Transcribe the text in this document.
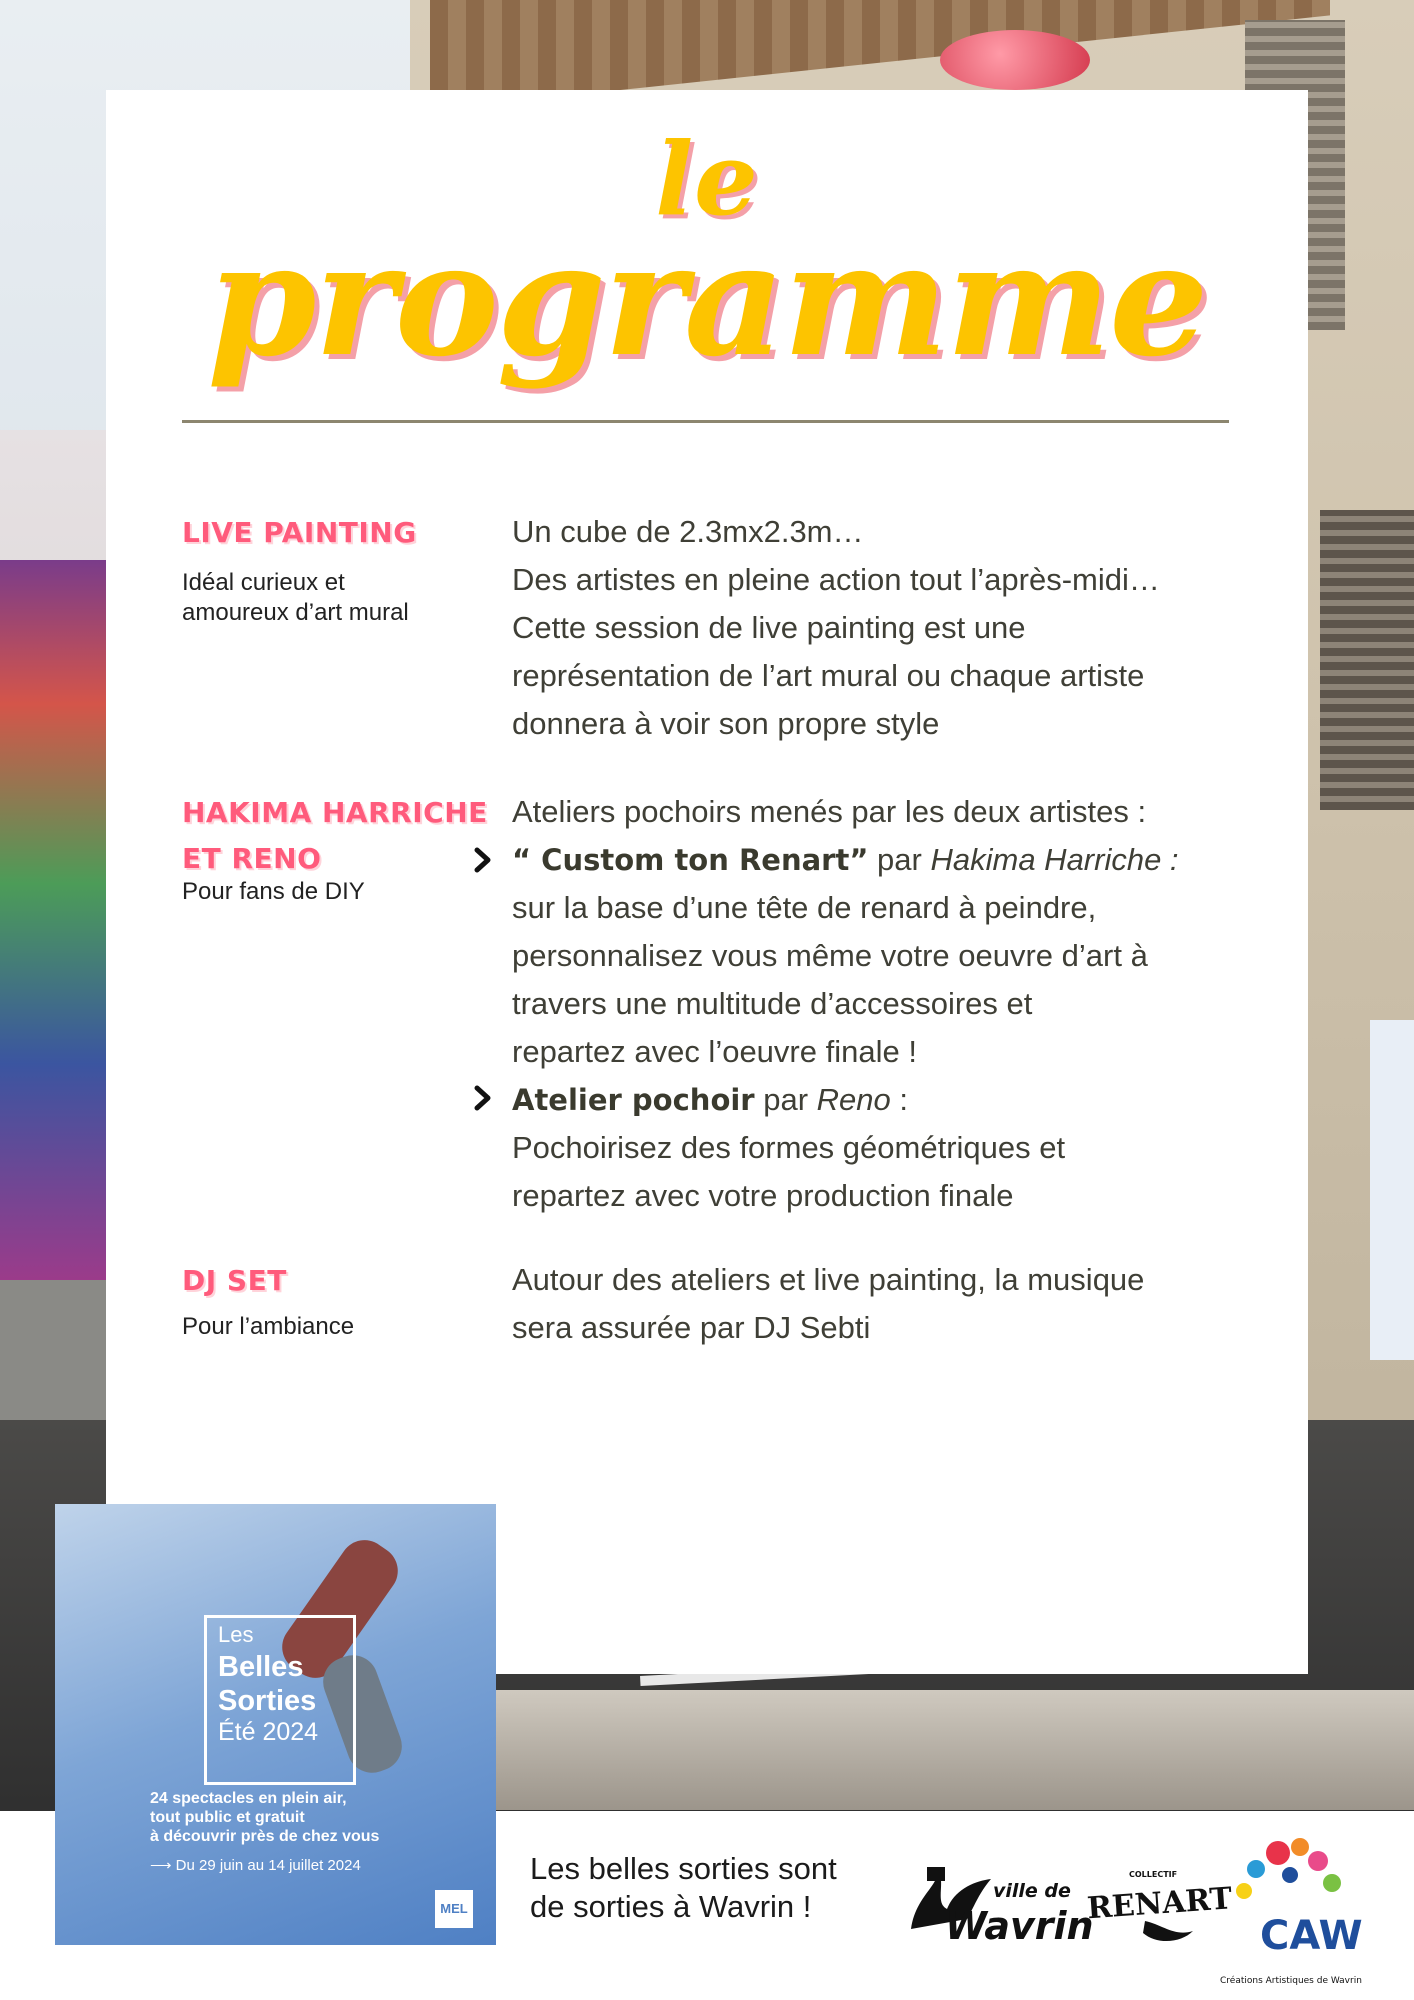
le
programme
LIVE PAINTING
Idéal curieux et
amoureux d’art mural

Un cube de 2.3mx2.3m…

Des artistes en pleine action tout l’après-midi…

Cette session de live painting est une

représentation de l’art mural ou chaque artiste

donnera à voir son propre style

HAKIMA HARRICHE
ET RENO
Pour fans de DIY

Ateliers pochoirs menés par les deux artistes :

“ Custom ton Renart” par Hakima Harriche :

sur la base d’une tête de renard à peindre,

personnalisez vous même votre oeuvre d’art à

travers une multitude d’accessoires et

repartez avec l’oeuvre finale !

Atelier pochoir par Reno :

Pochoirisez des formes géométriques et

repartez avec votre production finale

DJ SET
Pour l’ambiance

Autour des ateliers et live painting, la musique

sera assurée par DJ Sebti

Les belles sorties sont
de sorties à Wavrin !	ville de
Wavrin
COLLECTIF
RENART
CAW
Créations Artistiques de Wavrin
Les
Belles
Sorties
Été 2024
24 spectacles en plein air,
tout public et gratuit
à découvrir près de chez vous
⟶ Du 29 juin au 14 juillet 2024
MEL
